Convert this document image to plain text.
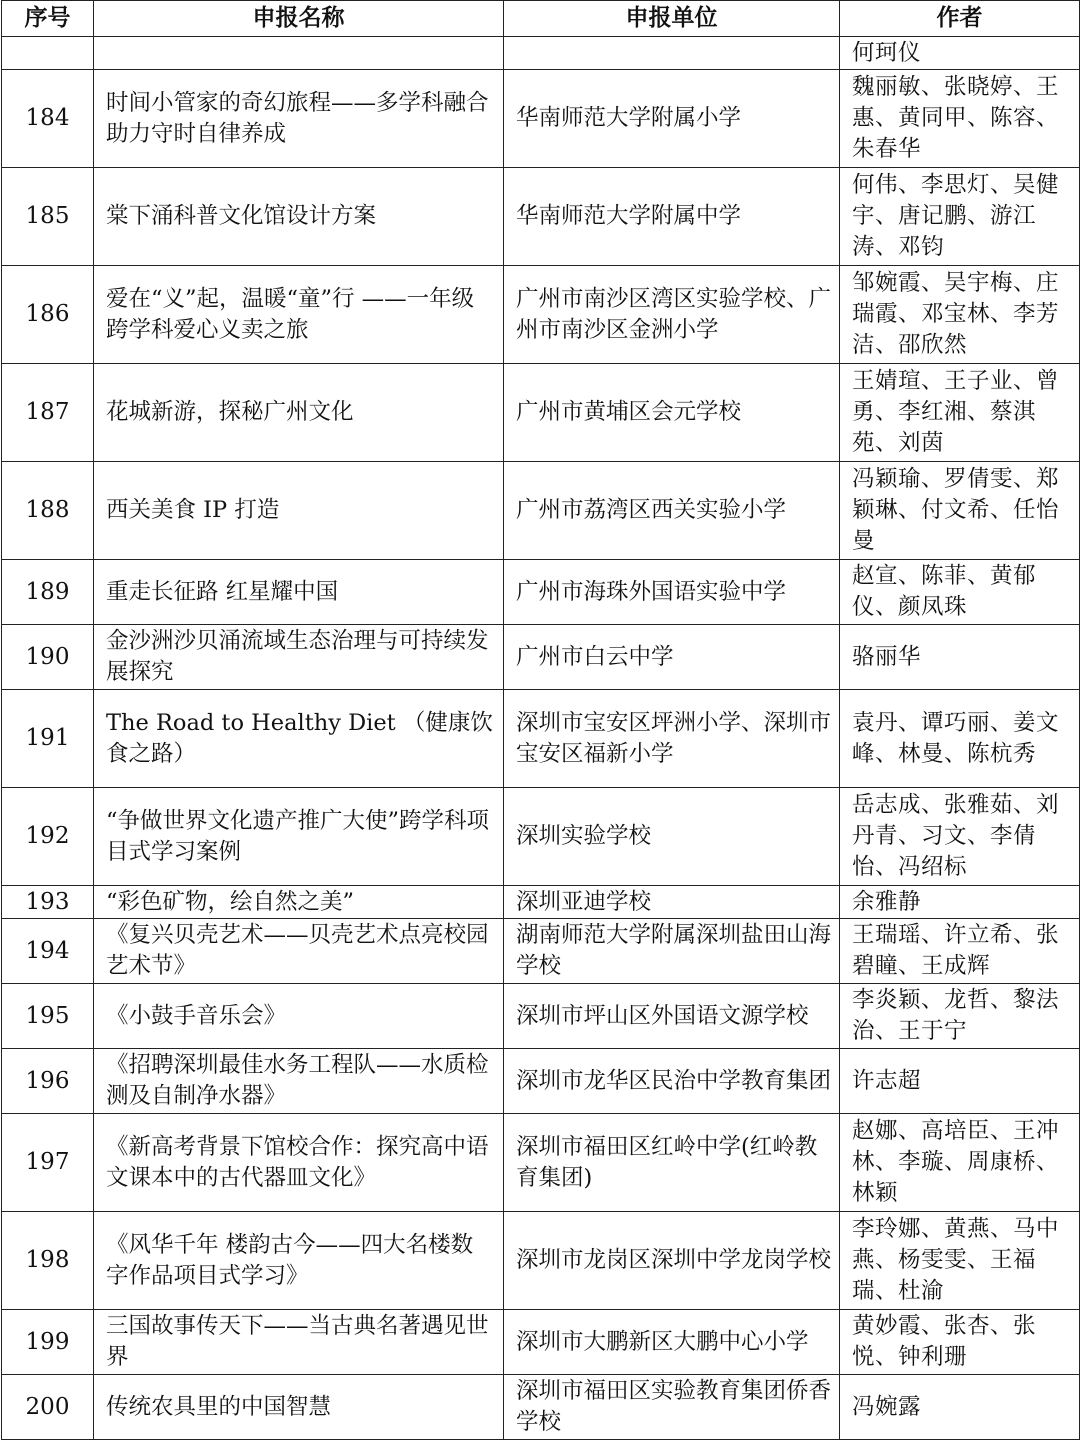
序号	申报名称	申报单位	作者
			何珂仪
184	时间小管家的奇幻旅程——多学科融合助力守时自律养成	华南师范大学附属小学	魏丽敏、张晓婷、王惠、黄同甲、陈容、朱春华
185	棠下涌科普文化馆设计方案	华南师范大学附属中学	何伟、李思灯、吴健宇、唐记鹏、游江涛、邓钧
186	爱在“义”起，温暖“童”行 ——一年级跨学科爱心义卖之旅	广州市南沙区湾区实验学校、广州市南沙区金洲小学	邹婉霞、吴宇梅、庄瑞霞、邓宝林、李芳洁、邵欣然
187	花城新游，探秘广州文化	广州市黄埔区会元学校	王婧瑄、王子业、曾勇、李红湘、蔡淇苑、刘茵
188	西关美食 IP 打造	广州市荔湾区西关实验小学	冯颖瑜、罗倩雯、郑颖琳、付文希、任怡曼
189	重走长征路 红星耀中国	广州市海珠外国语实验中学	赵宣、陈菲、黄郁仪、颜凤珠
190	金沙洲沙贝涌流域生态治理与可持续发展探究	广州市白云中学	骆丽华
191	The Road to Healthy Diet （健康饮食之路）	深圳市宝安区坪洲小学、深圳市宝安区福新小学	袁丹、谭巧丽、姜文峰、林曼、陈杭秀
192	“争做世界文化遗产推广大使”跨学科项目式学习案例	深圳实验学校	岳志成、张雅茹、刘丹青、习文、李倩怡、冯绍标
193	“彩色矿物，绘自然之美”	深圳亚迪学校	余雅静
194	《复兴贝壳艺术——贝壳艺术点亮校园艺术节》	湖南师范大学附属深圳盐田山海学校	王瑞瑶、许立希、张碧瞳、王成辉
195	《小鼓手音乐会》	深圳市坪山区外国语文源学校	李炎颖、龙哲、黎法治、王于宁
196	《招聘深圳最佳水务工程队——水质检测及自制净水器》	深圳市龙华区民治中学教育集团	许志超
197	《新高考背景下馆校合作：探究高中语文课本中的古代器皿文化》	深圳市福田区红岭中学(红岭教育集团)	赵娜、高培臣、王冲林、李璇、周康桥、林颖
198	《风华千年 楼韵古今——四大名楼数字作品项目式学习》	深圳市龙岗区深圳中学龙岗学校	李玲娜、黄燕、马中燕、杨雯雯、王福瑞、杜渝
199	三国故事传天下——当古典名著遇见世界	深圳市大鹏新区大鹏中心小学	黄妙霞、张杏、张悦、钟利珊
200	传统农具里的中国智慧	深圳市福田区实验教育集团侨香学校	冯婉露
